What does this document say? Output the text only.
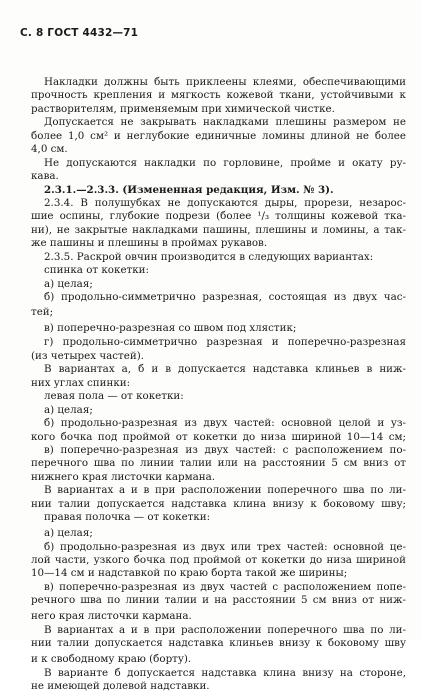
С. 8 ГОСТ 4432—71
Накладки должны быть приклеены клеями, обеспечивающими
прочность крепления и мягкость кожевой ткани, устойчивыми к
растворителям, применяемым при химической чистке.
Допускается не закрывать накладками плешины размером не
более 1,0 см² и неглубокие единичные ломины длиной не более
4,0 см.
Не допускаются накладки по горловине, пройме и окату ру-
кава.
2.3.1.—2.3.3. (Измененная редакция, Изм. № 3).
2.3.4. В полушубках не допускаются дыры, прорези, незарос-
шие оспины, глубокие подрези (более ¹/₃ толщины кожевой тка-
ни), не закрытые накладками пашины, плешины и ломины, а так-
же пашины и плешины в проймах рукавов.
2.3.5. Раскрой овчин производится в следующих вариантах:
спинка от кокетки:
а) целая;
б) продольно-симметрично разрезная, состоящая из двух час-
тей;
в) поперечно-разрезная со швом под хлястик;
г) продольно-симметрично разрезная и поперечно-разрезная
(из четырех частей).
В вариантах а, б и в допускается надставка клиньев в ниж-
них углах спинки:
левая пола — от кокетки:
а) целая;
б) продольно-разрезная из двух частей: основной целой и уз-
кого бочка под проймой от кокетки до низа шириной 10—14 см;
в) поперечно-разрезная из двух частей: с расположением по-
перечного шва по линии талии или на расстоянии 5 см вниз от
нижнего края листочки кармана.
В вариантах а и в при расположении поперечного шва по ли-
нии талии допускается надставка клина внизу к боковому шву;
правая полочка — от кокетки:
а) целая;
б) продольно-разрезная из двух или трех частей: основной це-
лой части, узкого бочка под проймой от кокетки до низа шириной
10—14 см и надставкой по краю борта такой же ширины;
в) поперечно-разрезная из двух частей с расположением попе-
речного шва по линии талии и на расстоянии 5 см вниз от ниж-
него края листочки кармана.
В вариантах а и в при расположении поперечного шва по ли-
нии талии допускается надставка клиньев внизу к боковому шву
и к свободному краю (борту).
В варианте б допускается надставка клина внизу на стороне,
не имеющей долевой надставки.
